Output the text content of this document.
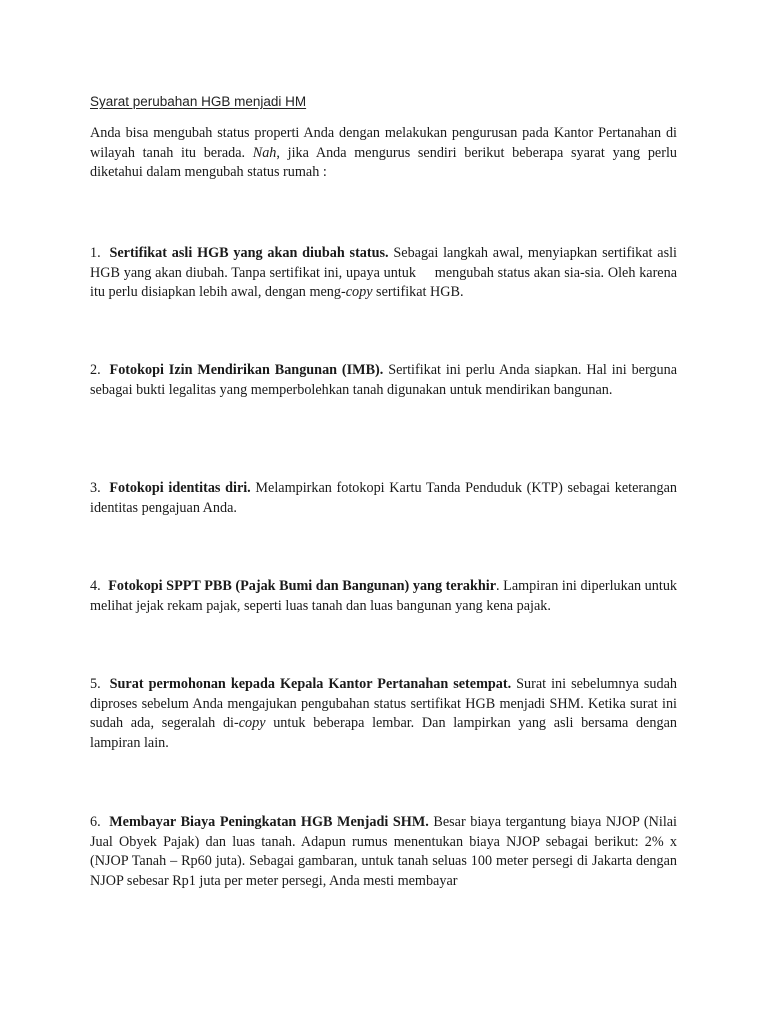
Syarat perubahan HGB menjadi HM

Anda bisa mengubah status properti Anda dengan melakukan pengurusan pada Kantor Pertanahan di wilayah tanah itu berada. Nah, jika Anda mengurus sendiri berikut beberapa syarat yang perlu diketahui dalam mengubah status rumah :

1. Sertifikat asli HGB yang akan diubah status. Sebagai langkah awal, menyiapkan sertifikat asli HGB yang akan diubah. Tanpa sertifikat ini, upaya untuk     mengubah status akan sia-sia. Oleh karena itu perlu disiapkan lebih awal, dengan meng-copy sertifikat HGB.

2. Fotokopi Izin Mendirikan Bangunan (IMB). Sertifikat ini perlu Anda siapkan. Hal ini berguna sebagai bukti legalitas yang memperbolehkan tanah digunakan untuk mendirikan bangunan.

3. Fotokopi identitas diri. Melampirkan fotokopi Kartu Tanda Penduduk (KTP) sebagai keterangan identitas pengajuan Anda.

4. Fotokopi SPPT PBB (Pajak Bumi dan Bangunan) yang terakhir. Lampiran ini diperlukan untuk melihat jejak rekam pajak, seperti luas tanah dan luas bangunan yang kena pajak.

5. Surat permohonan kepada Kepala Kantor Pertanahan setempat. Surat ini sebelumnya sudah diproses sebelum Anda mengajukan pengubahan status sertifikat HGB menjadi SHM. Ketika surat ini sudah ada, segeralah di-copy untuk beberapa lembar. Dan lampirkan yang asli bersama dengan lampiran lain.

6. Membayar Biaya Peningkatan HGB Menjadi SHM. Besar biaya tergantung biaya NJOP (Nilai Jual Obyek Pajak) dan luas tanah. Adapun rumus menentukan biaya NJOP sebagai berikut: 2% x (NJOP Tanah – Rp60 juta). Sebagai gambaran, untuk tanah seluas 100 meter persegi di Jakarta dengan NJOP sebesar Rp1 juta per meter persegi, Anda mesti membayar
